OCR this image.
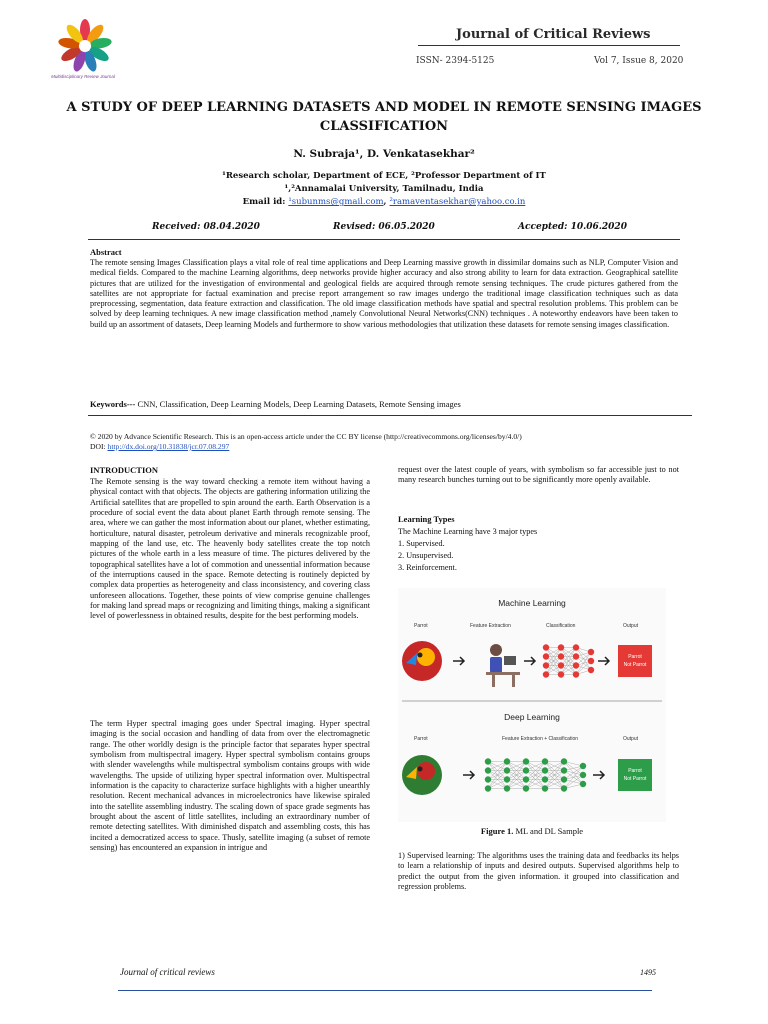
Multidisciplinary Review Journal
Journal of Critical Reviews
ISSN- 2394-5125	Vol 7, Issue 8, 2020
A STUDY OF DEEP LEARNING DATASETS AND MODEL IN REMOTE SENSING IMAGES CLASSIFICATION
N. Subraja¹, D. Venkatasekhar²
¹Research scholar, Department of ECE, ²Professor Department of IT
¹,²Annamalai University, Tamilnadu, India
Email id: ¹subunms@gmail.com, ²ramaventasekhar@yahoo.co.in
Received: 08.04.2020	Revised: 06.05.2020	Accepted: 10.06.2020
Abstract
The remote sensing Images Classification plays a vital role of real time applications and Deep Learning massive growth in dissimilar domains such as NLP, Computer Vision and medical fields. Compared to the machine Learning algorithms, deep networks provide higher accuracy and also strong ability to learn for data extraction. Geographical satellite pictures that are utilized for the investigation of environmental and geological fields are acquired through remote sensing techniques. The crude pictures gathered from the satellites are not appropriate for factual examination and precise report arrangement so raw images undergo the traditional image classification techniques such as data preprocessing, segmentation, data feature extraction and classification. The old image classification methods have spatial and spectral resolution problems. This problem can be solved by deep learning techniques. A new image classification method ,namely Convolutional Neural Networks(CNN) techniques . A noteworthy endeavors have been taken to build up an assortment of datasets, Deep learning Models and furthermore to show various methodologies that utilization these datasets for remote sensing images classification.
Keywords--- CNN, Classification, Deep Learning Models, Deep Learning Datasets, Remote Sensing images
© 2020 by Advance Scientific Research. This is an open-access article under the CC BY license (http://creativecommons.org/licenses/by/4.0/)
DOI: http://dx.doi.org/10.31838/jcr.07.08.297
INTRODUCTION
The Remote sensing is the way toward checking a remote item without having a physical contact with that objects. The objects are gathering information utilizing the Artificial satellites that are propelled to spin around the earth. Earth Observation is a procedure of social event the data about planet Earth through remote sensing. The area, where we can gather the most information about our planet, whether estimating, horticulture, natural disaster, petroleum derivative and minerals recognizable proof, mapping of the land use, etc. The heavenly body satellites create the top notch pictures of the whole earth in a less measure of time. The pictures delivered by the topographical satellites have a lot of commotion and unessential information because of the interruptions caused in the space. Remote detecting is routinely depicted by complex data properties as heterogeneity and class inconsistency, and covering class unforeseen allocations. Together, these points of view comprise genuine challenges for making land spread maps or recognizing and limiting things, making a significant level of powerlessness in obtained results, despite for the best performing models.
The term Hyper spectral imaging goes under Spectral imaging. Hyper spectral imaging is the social occasion and handling of data from over the electromagnetic range. The other worldly design is the principle factor that separates hyper spectral symbolism from multispectral imagery. Hyper spectral symbolism contains groups with slender wavelengths while multispectral symbolism contains groups with wide wavelengths. The upside of utilizing hyper spectral information over. Multispectral information is the capacity to characterize surface highlights with a higher unearthly resolution. Recent mechanical advances in microelectronics have likewise spiraled into the satellite assembling industry. The scaling down of space grade segments has brought about the ascent of little satellites, including an extraordinary number of remote detecting satellites. With diminished dispatch and assembling costs, this has incited a democratized access to space. Thusly, satellite imaging (a subset of remote sensing) has encountered an expansion in intrigue and
request over the latest couple of years, with symbolism so far accessible just to not many research bunches turning out to be significantly more openly available.
Learning Types
The Machine Learning have 3 major types
1. Supervised.
2. Unsupervised.
3. Reinforcement.
Machine Learning
Parrot	Feature Extraction	Classification	Output
Parrot
Not Parrot
Deep Learning
Parrot	Feature Extraction + Classification	Output
Parrot
Not Parrot
Figure 1. ML and DL Sample
1) Supervised learning: The algorithms uses the training data and feedbacks its helps to learn a relationship of inputs and desired outputs. Supervised algorithms help to predict the output from the given information. it grouped into classification and regression problems.
Journal of critical reviews	1495
